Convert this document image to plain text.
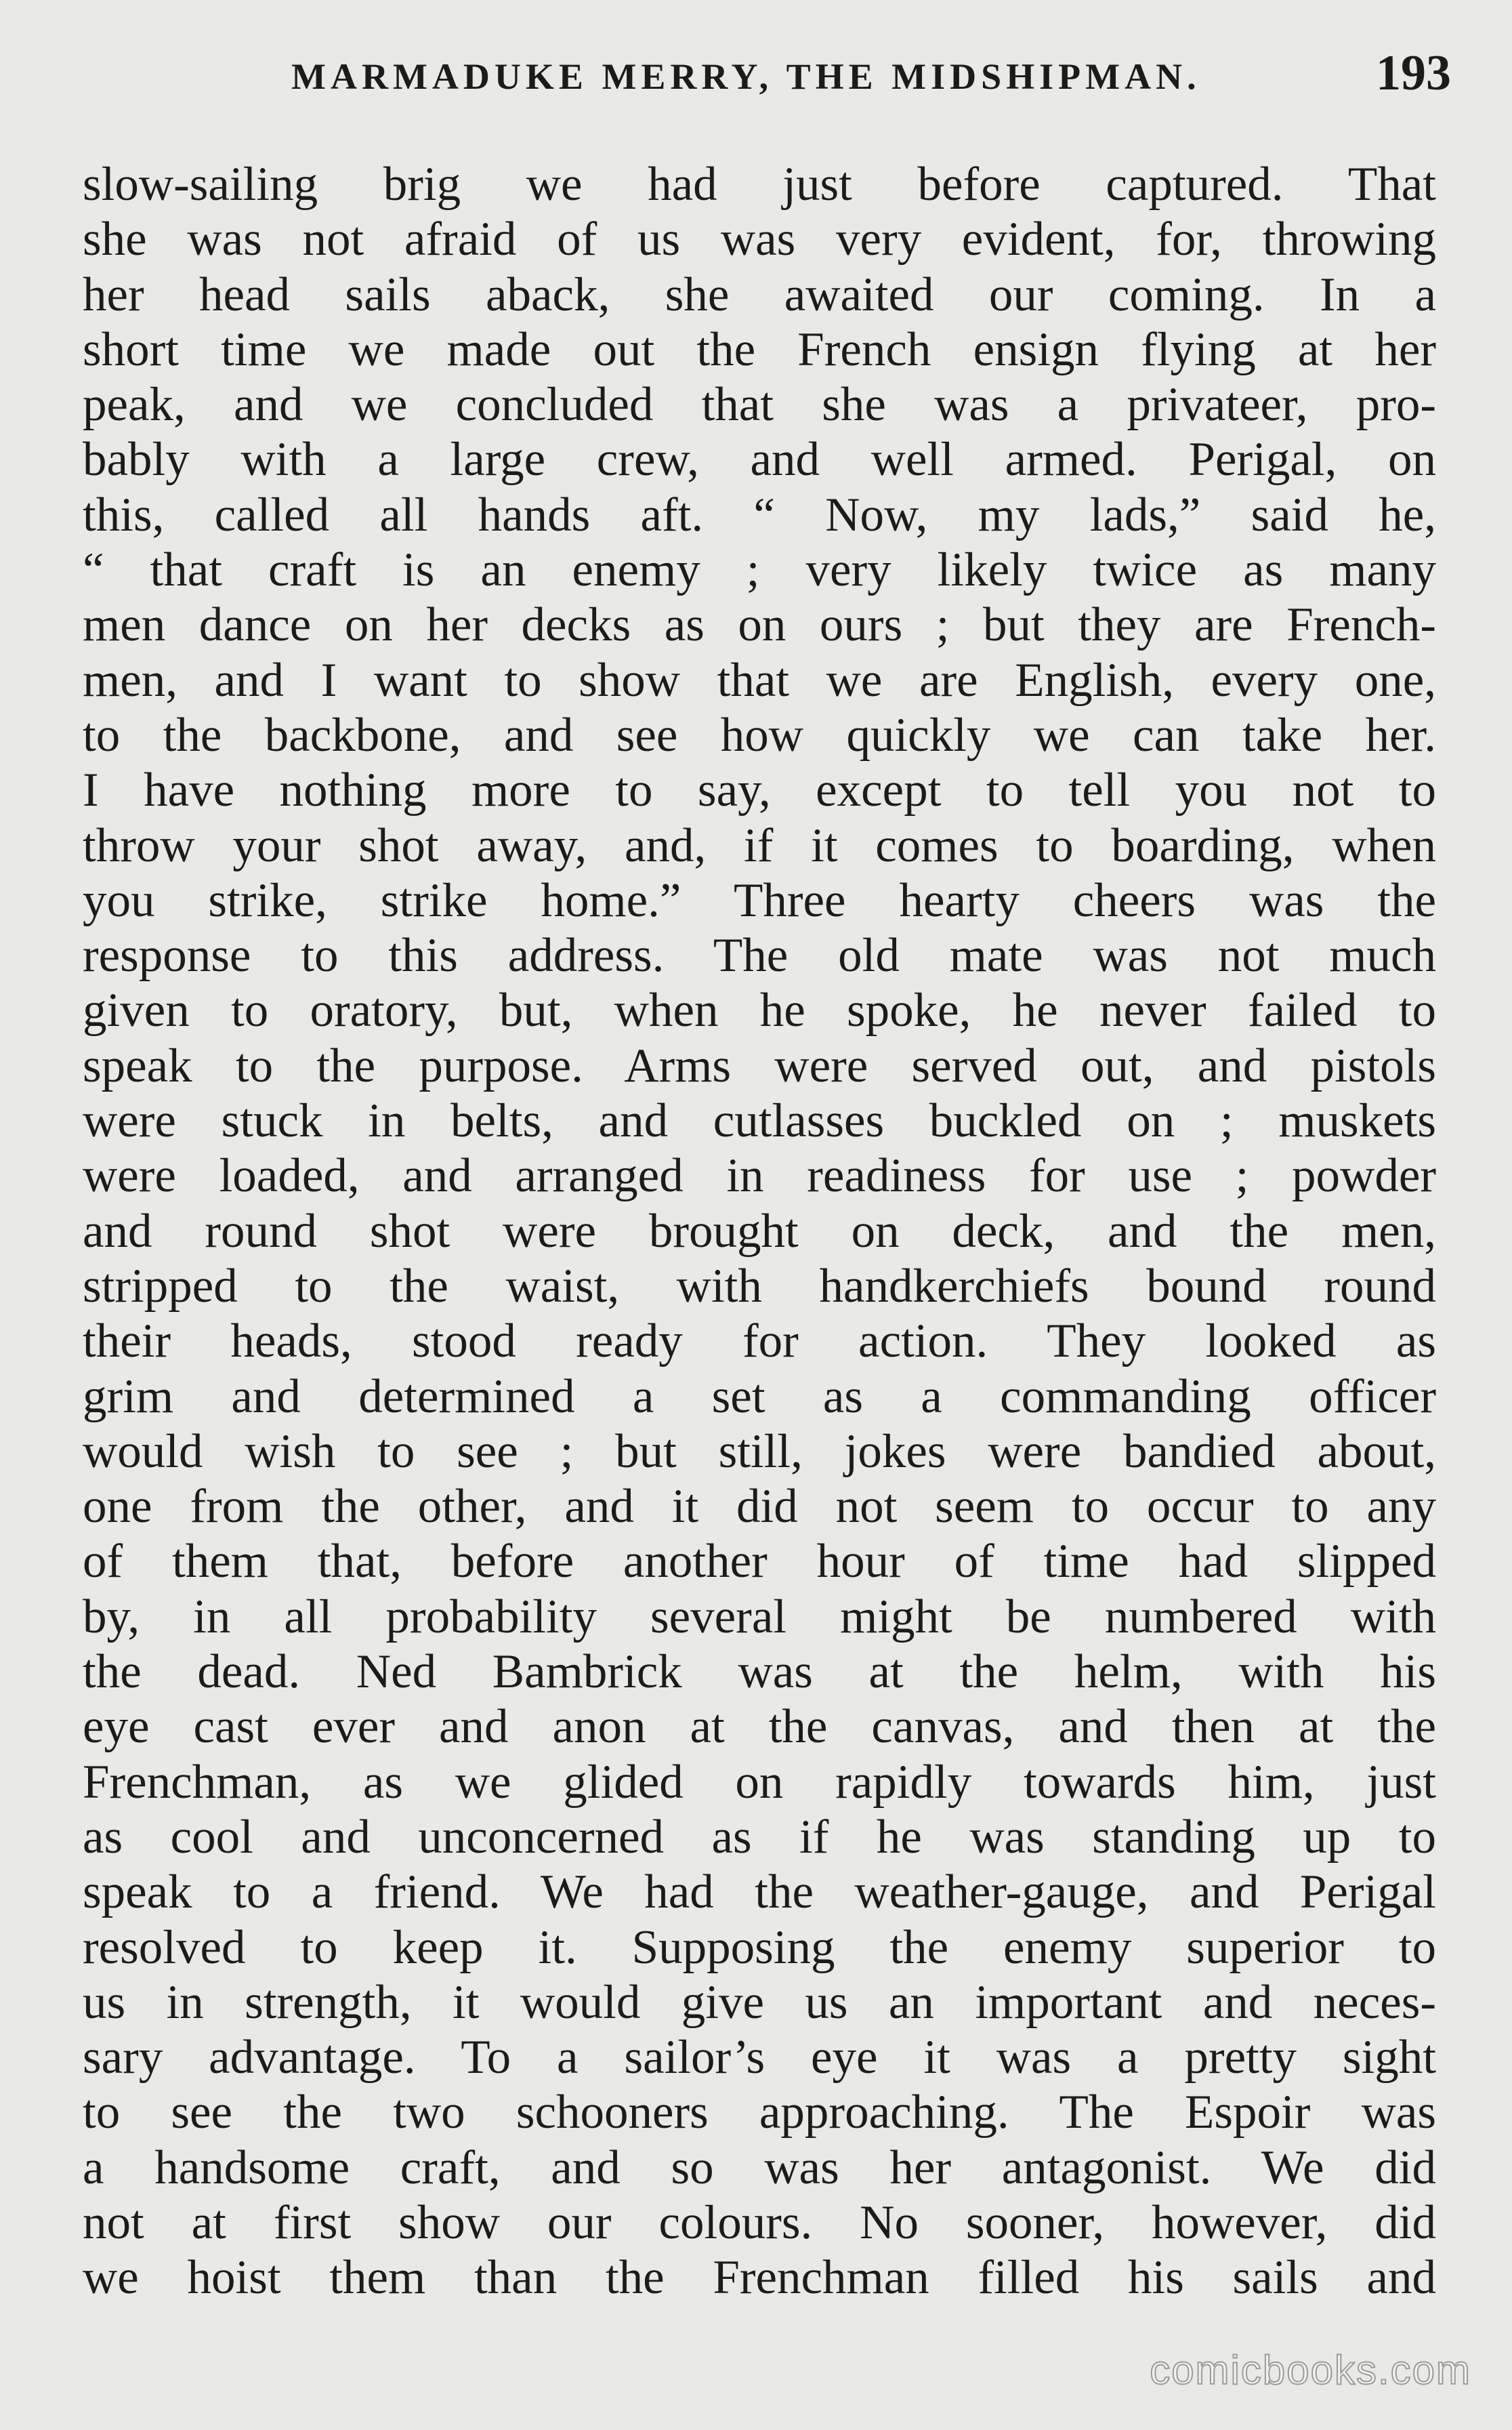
MARMADUKE MERRY, THE MIDSHIPMAN.	193
slow-sailing brig we had just before captured. That
she was not afraid of us was very evident, for, throwing
her head sails aback, she awaited our coming. In a
short time we made out the French ensign flying at her
peak, and we concluded that she was a privateer, pro-
bably with a large crew, and well armed. Perigal, on
this, called all hands aft. “ Now, my lads,” said he,
“ that craft is an enemy ; very likely twice as many
men dance on her decks as on ours ; but they are French-
men, and I want to show that we are English, every one,
to the backbone, and see how quickly we can take her.
I have nothing more to say, except to tell you not to
throw your shot away, and, if it comes to boarding, when
you strike, strike home.” Three hearty cheers was the
response to this address. The old mate was not much
given to oratory, but, when he spoke, he never failed to
speak to the purpose. Arms were served out, and pistols
were stuck in belts, and cutlasses buckled on ; muskets
were loaded, and arranged in readiness for use ; powder
and round shot were brought on deck, and the men,
stripped to the waist, with handkerchiefs bound round
their heads, stood ready for action. They looked as
grim and determined a set as a commanding officer
would wish to see ; but still, jokes were bandied about,
one from the other, and it did not seem to occur to any
of them that, before another hour of time had slipped
by, in all probability several might be numbered with
the dead. Ned Bambrick was at the helm, with his
eye cast ever and anon at the canvas, and then at the
Frenchman, as we glided on rapidly towards him, just
as cool and unconcerned as if he was standing up to
speak to a friend. We had the weather-gauge, and Perigal
resolved to keep it. Supposing the enemy superior to
us in strength, it would give us an important and neces-
sary advantage. To a sailor’s eye it was a pretty sight
to see the two schooners approaching. The Espoir was
a handsome craft, and so was her antagonist. We did
not at first show our colours. No sooner, however, did
we hoist them than the Frenchman filled his sails and
comicbooks.com
